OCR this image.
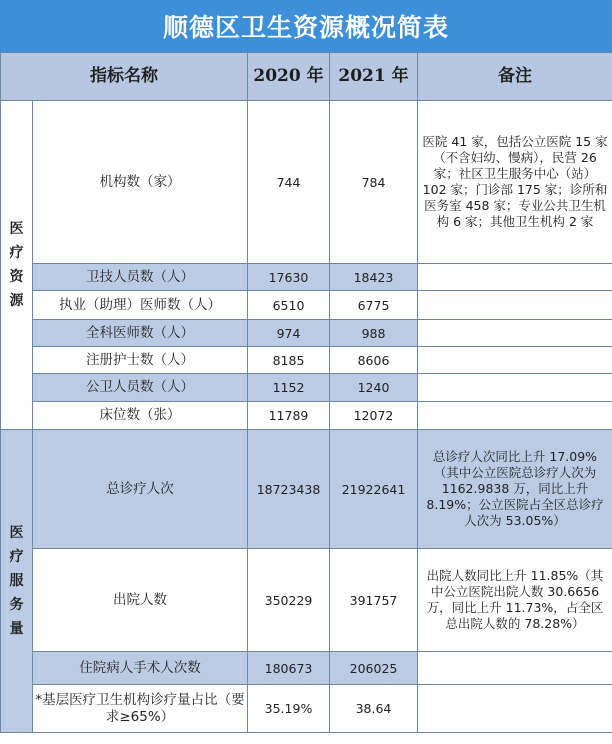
顺德区卫生资源概况简表
指标名称		2020 年	2021 年	备注

医疗资源	机构数（家）	744	784	医院 41 家，包括公立医院 15 家（不含妇幼、慢病），民营 26 家；社区卫生服务中心（站）102 家；门诊部 175 家；诊所和医务室 458 家；专业公共卫生机构 6 家；其他卫生机构 2 家
	卫技人员数（人）	17630	18423	
	执业（助理）医师数（人）	6510	6775	
	全科医师数（人）	974	988	
	注册护士数（人）	8185	8606	
	公卫人员数（人）	1152	1240	
	床位数（张）	11789	12072	

医疗服务量	总诊疗人次	18723438	21922641	总诊疗人次同比上升 17.09%（其中公立医院总诊疗人次为 1162.9838 万，同比上升 8.19%；公立医院占全区总诊疗人次为 53.05%）
	出院人数	350229	391757	出院人数同比上升 11.85%（其中公立医院出院人数 30.6656 万，同比上升 11.73%，占全区总出院人数的 78.28%）
	住院病人手术人次数	180673	206025	
	*基层医疗卫生机构诊疗量占比（要求≥65%）	35.19%	38.64	
